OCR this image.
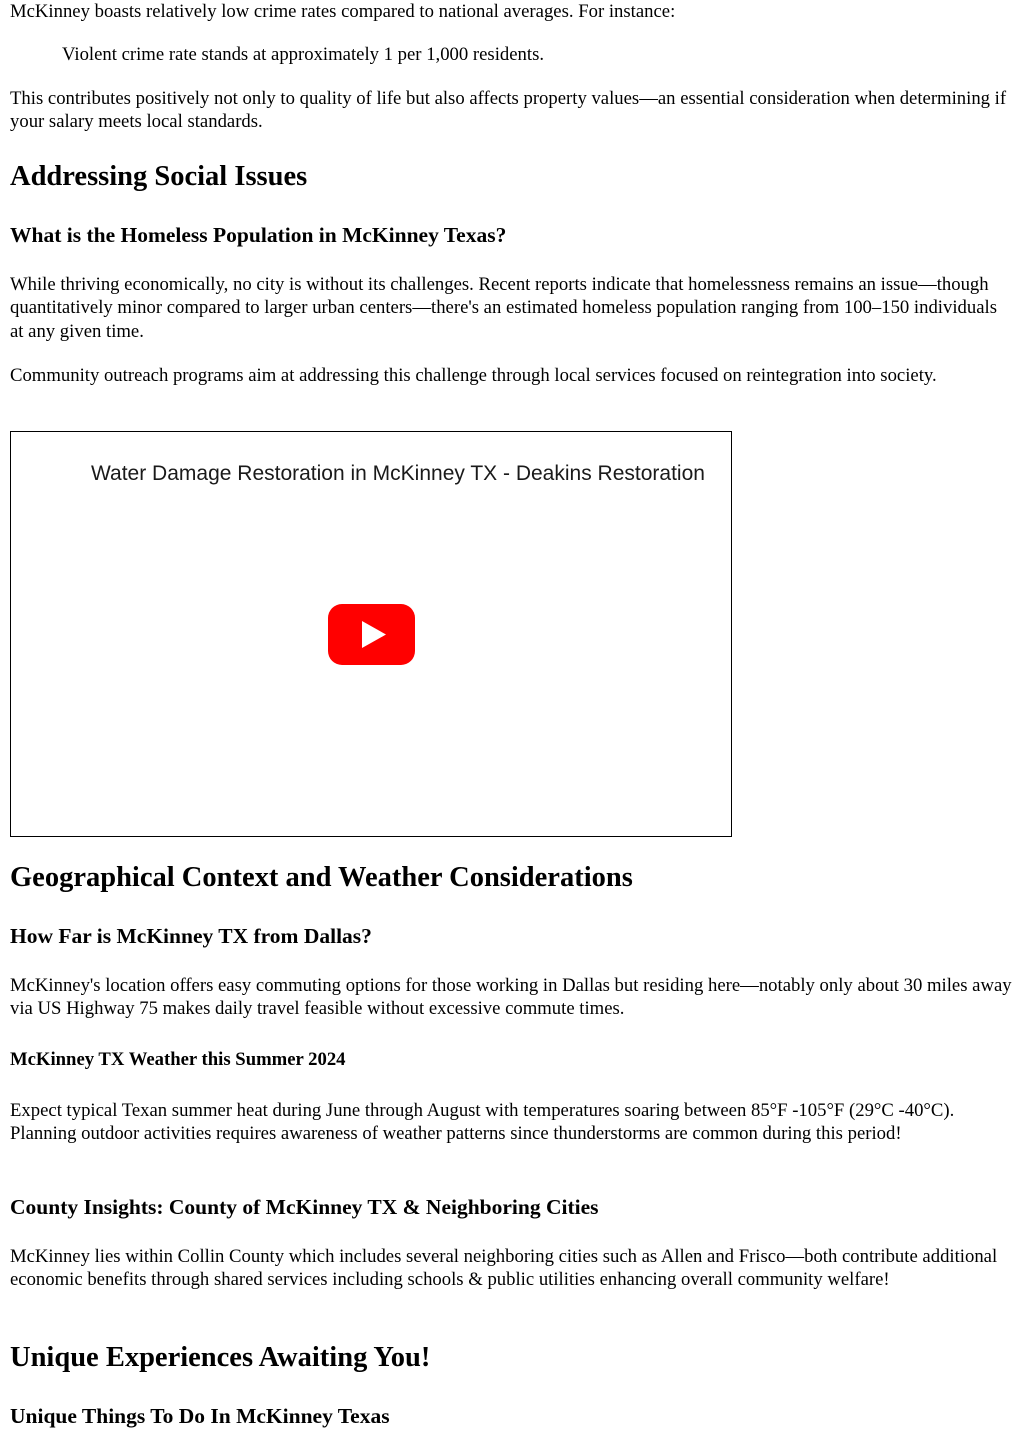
McKinney boasts relatively low crime rates compared to national averages. For instance:

Violent crime rate stands at approximately 1 per 1,000 residents.

This contributes positively not only to quality of life but also affects property values—an essential consideration when determining if your salary meets local standards.

Addressing Social Issues
What is the Homeless Population in McKinney Texas?

While thriving economically, no city is without its challenges. Recent reports indicate that homelessness remains an issue—though quantitatively minor compared to larger urban centers—there's an estimated homeless population ranging from 100–150 individuals at any given time.

Community outreach programs aim at addressing this challenge through local services focused on reintegration into society.

Water Damage Restoration in McKinney TX - Deakins Restoration
Geographical Context and Weather Considerations
How Far is McKinney TX from Dallas?

McKinney's location offers easy commuting options for those working in Dallas but residing here—notably only about 30 miles away via US Highway 75 makes daily travel feasible without excessive commute times.

McKinney TX Weather this Summer 2024

Expect typical Texan summer heat during June through August with temperatures soaring between 85°F -105°F (29°C -40°C). Planning outdoor activities requires awareness of weather patterns since thunderstorms are common during this period!

County Insights: County of McKinney TX & Neighboring Cities

McKinney lies within Collin County which includes several neighboring cities such as Allen and Frisco—both contribute additional economic benefits through shared services including schools & public utilities enhancing overall community welfare!

Unique Experiences Awaiting You!
Unique Things To Do In McKinney Texas
